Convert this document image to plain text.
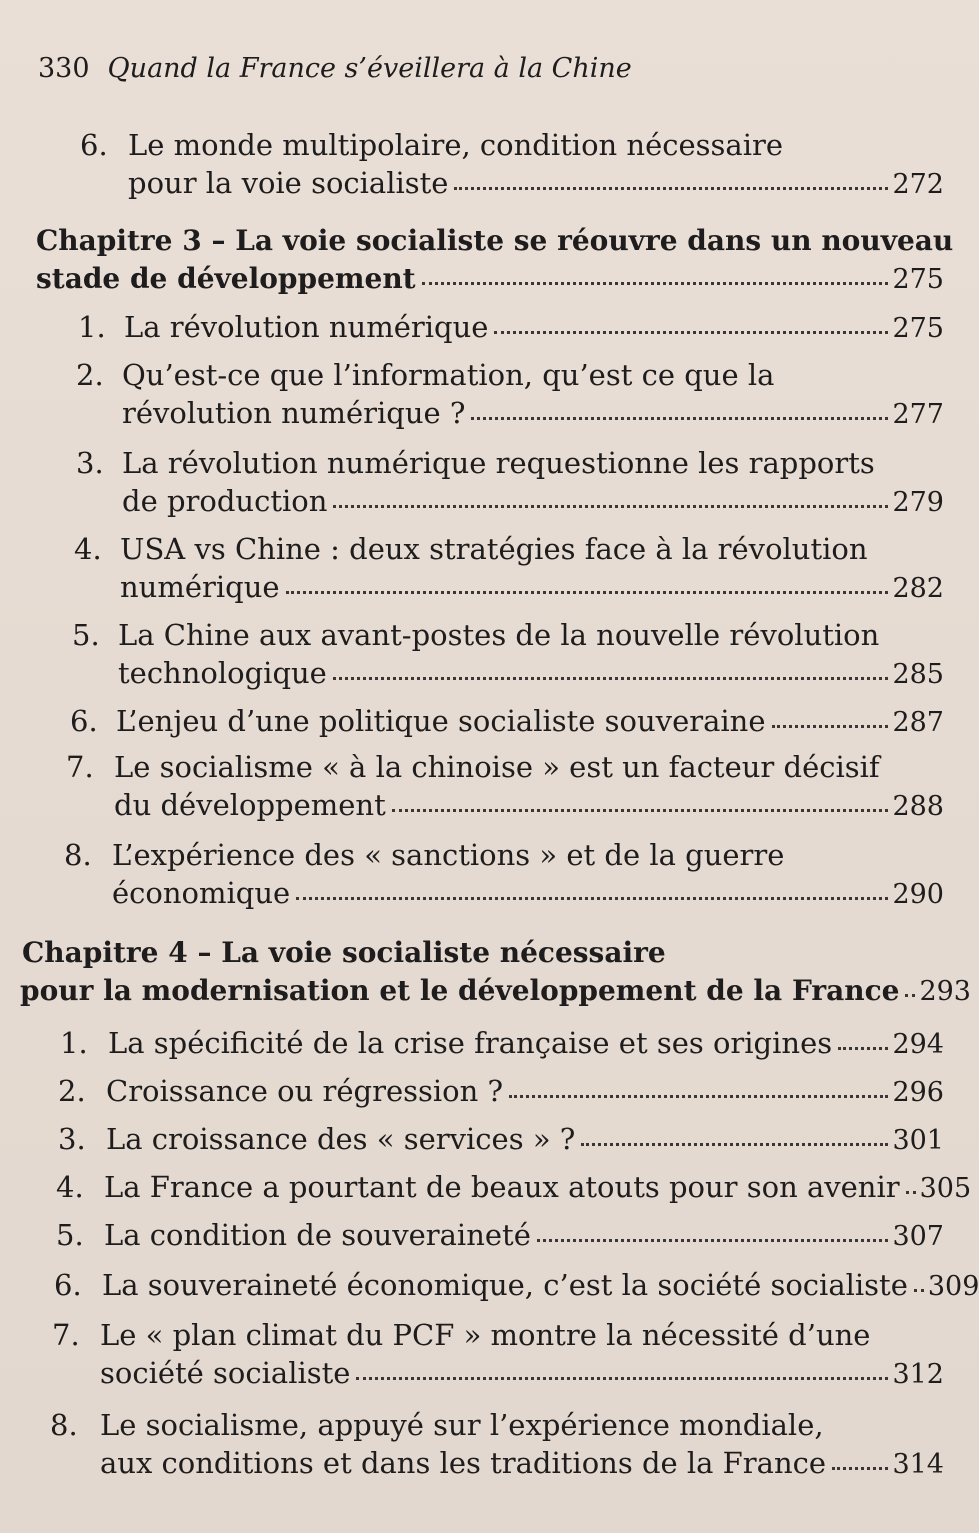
330 Quand la France s’éveillera à la Chine
6. Le monde multipolaire, condition nécessaire
pour la voie socialiste	272
Chapitre 3 – La voie socialiste se réouvre dans un nouveau
stade de développement	275
1. La révolution numérique	275
2. Qu’est-ce que l’information, qu’est ce que la
révolution numérique ?	277
3. La révolution numérique requestionne les rapports
de production	279
4. USA vs Chine : deux stratégies face à la révolution
numérique	282
5. La Chine aux avant-postes de la nouvelle révolution
technologique	285
6. L’enjeu d’une politique socialiste souveraine	287
7. Le socialisme « à la chinoise » est un facteur décisif
du développement	288
8. L’expérience des « sanctions » et de la guerre
économique	290
Chapitre 4 – La voie socialiste nécessaire
pour la modernisation et le développement de la France 293
1. La spécificité de la crise française et ses origines 294
2. Croissance ou régression ?	296
3. La croissance des « services » ?	301
4. La France a pourtant de beaux atouts pour son avenir 305
5. La condition de souveraineté	307
6. La souveraineté économique, c’est la société socialiste 309
7. Le « plan climat du PCF » montre la nécessité d’une
société socialiste	312
8. Le socialisme, appuyé sur l’expérience mondiale,
aux conditions et dans les traditions de la France 314
